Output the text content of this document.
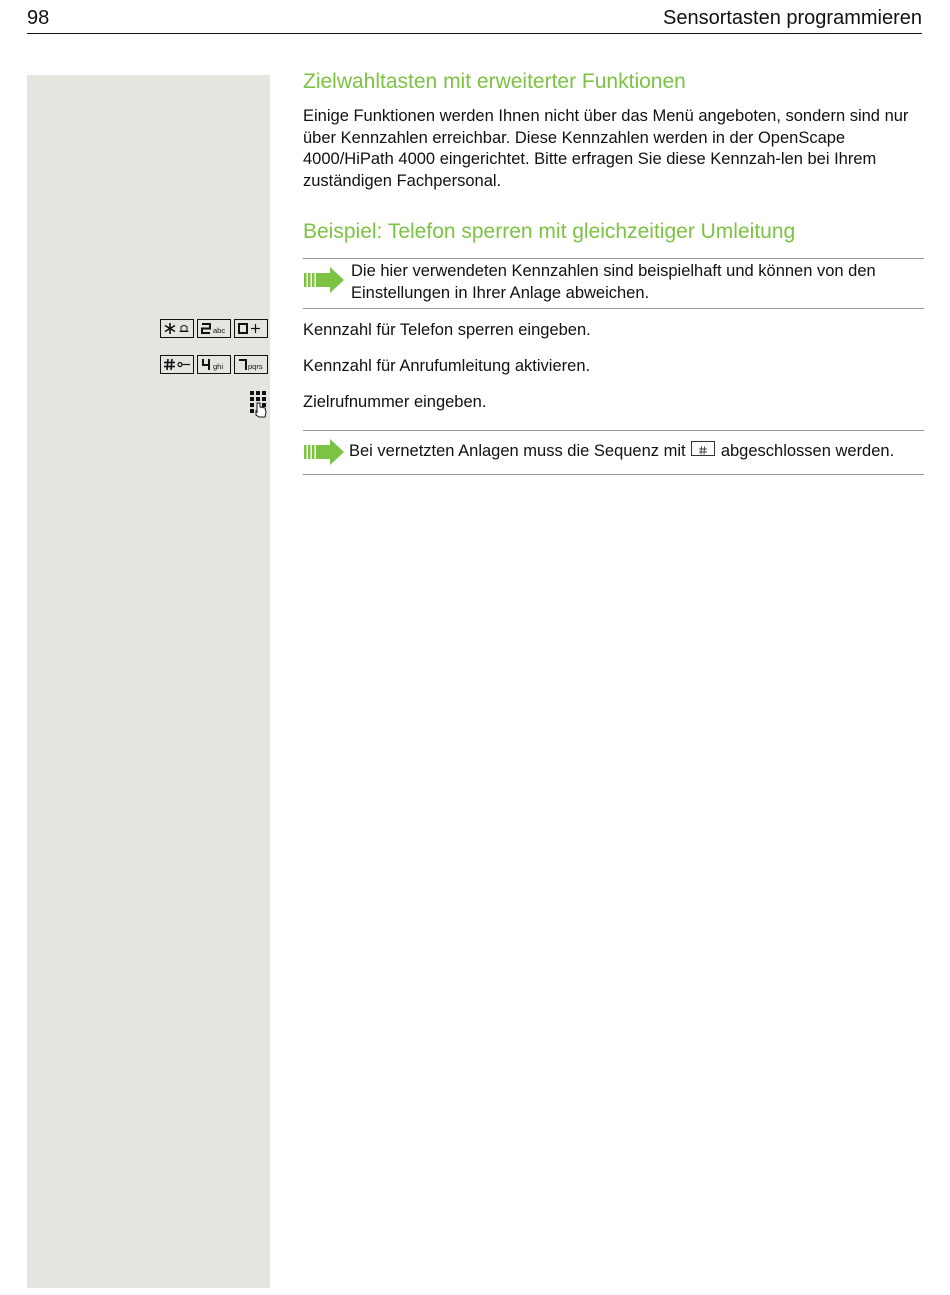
98	Sensortasten programmieren
Zielwahltasten mit erweiterter Funktionen

Einige Funktionen werden Ihnen nicht über das Menü angeboten, sondern sind nur über Kennzahlen erreichbar. Diese Kennzahlen werden in der OpenScape 4000/HiPath 4000 eingerichtet. Bitte erfragen Sie diese Kennzah-len bei Ihrem zuständigen Fachpersonal.

Beispiel: Telefon sperren mit gleichzeitiger Umleitung
Die hier verwendeten Kennzahlen sind beispielhaft und können von den Einstellungen in Ihrer Anlage abweichen.
abc	Kennzahl für Telefon sperren eingeben.
ghi	pqrs Kennzahl für Anrufumleitung aktivieren.
Zielrufnummer eingeben.
Bei vernetzten Anlagen muss die Sequenz mit abgeschlossen werden.
